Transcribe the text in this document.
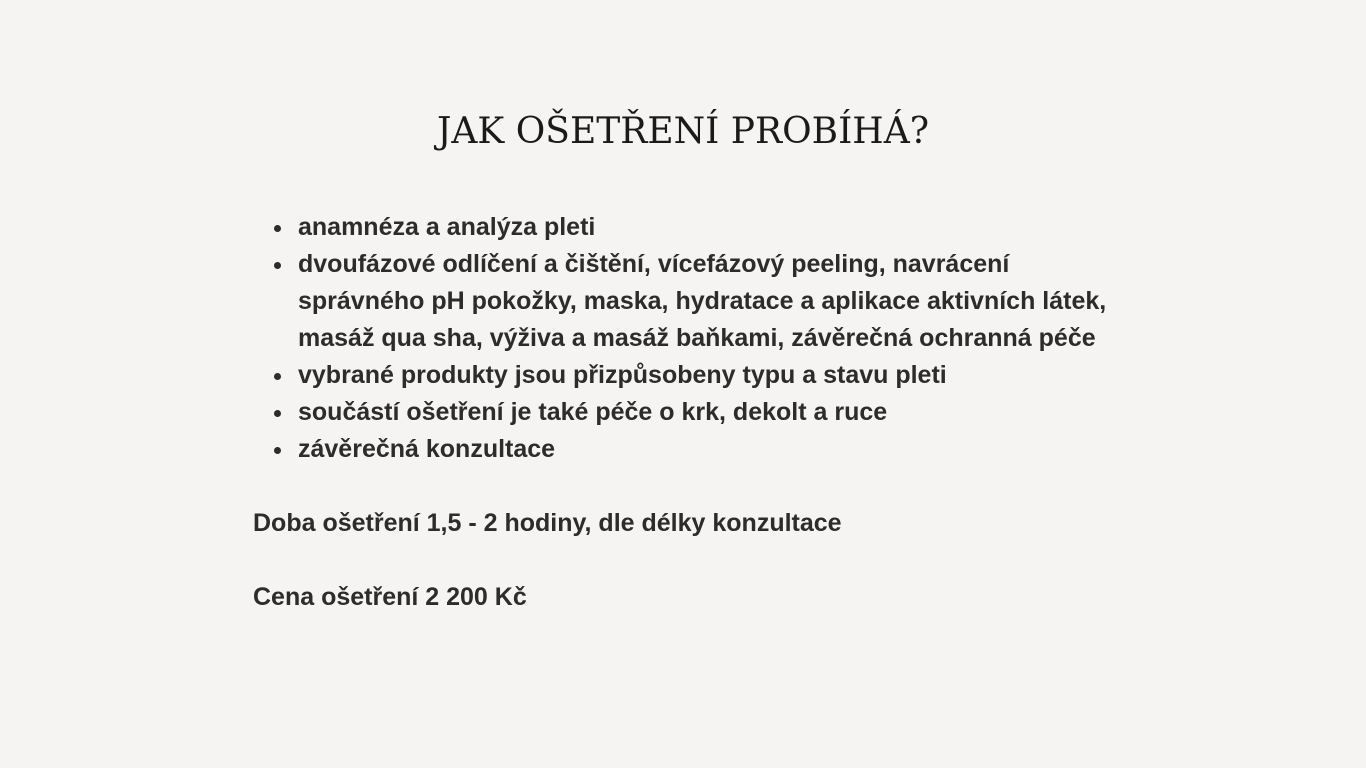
JAK OŠETŘENÍ PROBÍHÁ?
anamnéza a analýza pleti
dvoufázové odlíčení a čištění, vícefázový peeling, navrácení správného pH pokožky, maska, hydratace a aplikace aktivních látek, masáž qua sha, výživa a masáž baňkami, závěrečná ochranná péče
vybrané produkty jsou přizpůsobeny typu a stavu pleti
součástí ošetření je také péče o krk, dekolt a ruce
závěrečná konzultace

Doba ošetření 1,5 - 2 hodiny, dle délky konzultace

Cena ošetření 2 200 Kč
